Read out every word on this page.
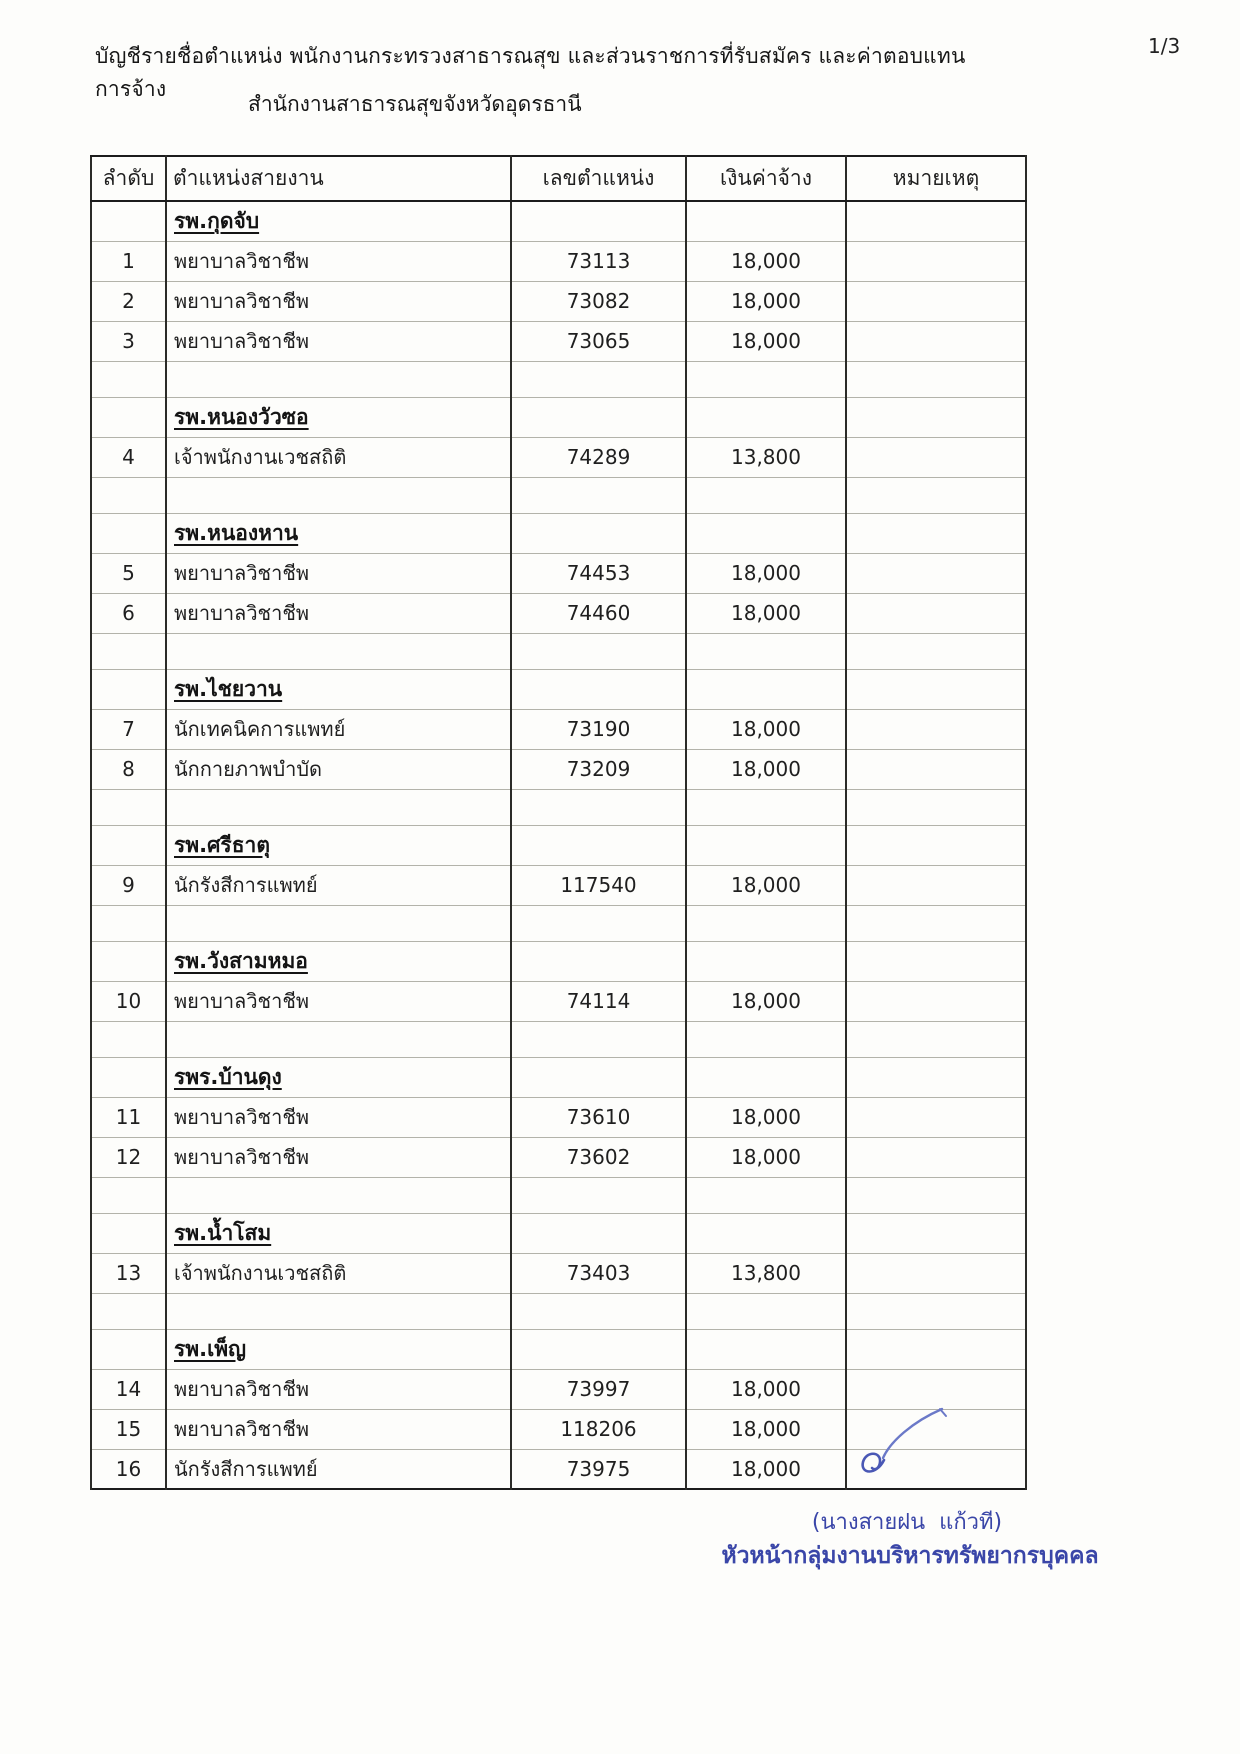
บัญชีรายชื่อตำแหน่ง พนักงานกระทรวงสาธารณสุข และส่วนราชการที่รับสมัคร และค่าตอบแทนการจ้าง
1/3
สำนักงานสาธารณสุขจังหวัดอุดรธานี
ลำดับ	ตำแหน่งสายงาน	เลขตำแหน่ง	เงินค่าจ้าง	หมายเหตุ
	รพ.กุดจับ			
1	พยาบาลวิชาชีพ	73113	18,000	
2	พยาบาลวิชาชีพ	73082	18,000	
3	พยาบาลวิชาชีพ	73065	18,000	

	รพ.หนองวัวซอ			
4	เจ้าพนักงานเวชสถิติ	74289	13,800	

	รพ.หนองหาน			
5	พยาบาลวิชาชีพ	74453	18,000	
6	พยาบาลวิชาชีพ	74460	18,000	

	รพ.ไชยวาน			
7	นักเทคนิคการแพทย์	73190	18,000	
8	นักกายภาพบำบัด	73209	18,000	

	รพ.ศรีธาตุ			
9	นักรังสีการแพทย์	117540	18,000	

	รพ.วังสามหมอ			
10	พยาบาลวิชาชีพ	74114	18,000	

	รพร.บ้านดุง			
11	พยาบาลวิชาชีพ	73610	18,000	
12	พยาบาลวิชาชีพ	73602	18,000	

	รพ.น้ำโสม			
13	เจ้าพนักงานเวชสถิติ	73403	13,800	

	รพ.เพ็ญ			
14	พยาบาลวิชาชีพ	73997	18,000	
15	พยาบาลวิชาชีพ	118206	18,000	
16	นักรังสีการแพทย์	73975	18,000	
(นางสายฝน  แก้วที)
หัวหน้ากลุ่มงานบริหารทรัพยากรบุคคล
